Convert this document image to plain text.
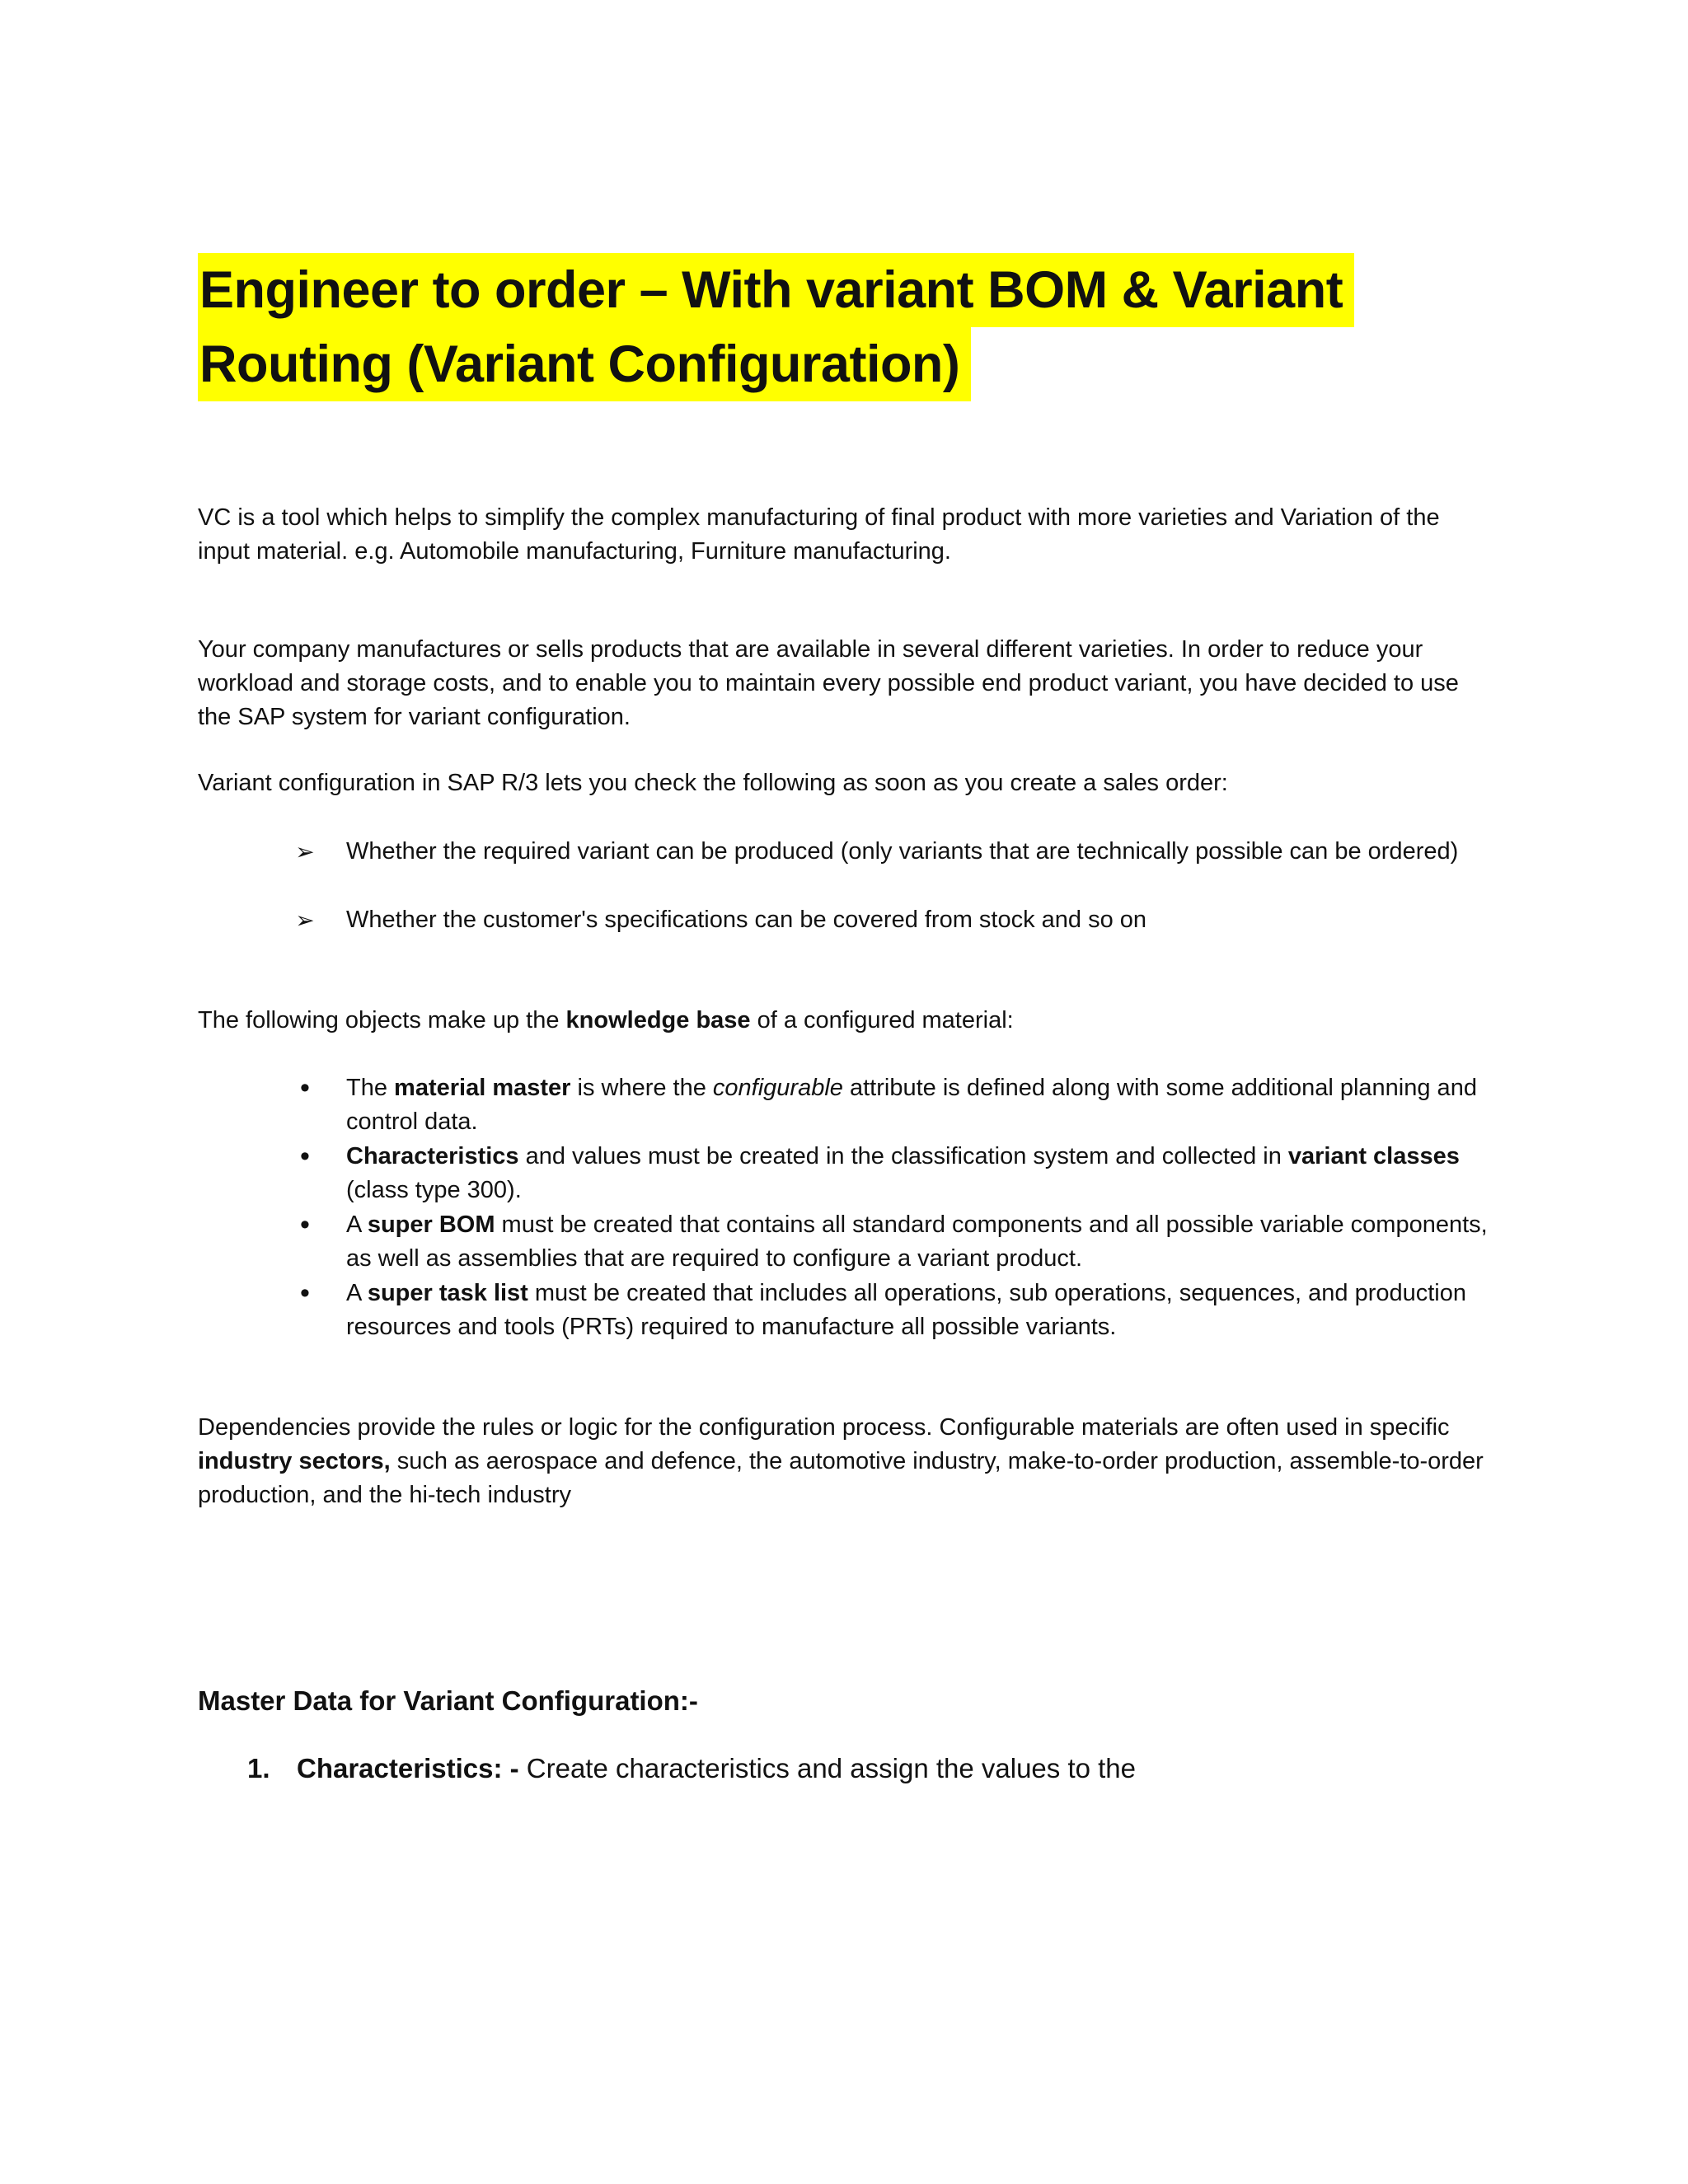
Engineer to order – With variant BOM & Variant
Routing (Variant Configuration)

VC is a tool which helps to simplify the complex manufacturing of final product with more varieties and Variation of the input material. e.g. Automobile manufacturing, Furniture manufacturing.

Your company manufactures or sells products that are available in several different varieties. In order to reduce your workload and storage costs, and to enable you to maintain every possible end product variant, you have decided to use the SAP system for variant configuration.

Variant configuration in SAP R/3 lets you check the following as soon as you create a sales order:

➢ Whether the required variant can be produced (only variants that are technically possible can be ordered)
➢ Whether the customer's specifications can be covered from stock and so on

The following objects make up the knowledge base of a configured material:

•	The material master is where the configurable attribute is defined along with some additional planning and control data.
•	Characteristics and values must be created in the classification system and collected in variant classes (class type 300).
•	A super BOM must be created that contains all standard components and all possible variable components, as well as assemblies that are required to configure a variant product.
•	A super task list must be created that includes all operations, sub operations, sequences, and production resources and tools (PRTs) required to manufacture all possible variants.

Dependencies provide the rules or logic for the configuration process. Configurable materials are often used in specific industry sectors, such as aerospace and defence, the automotive industry, make-to-order production, assemble-to-order production, and the hi-tech industry

Master Data for Variant Configuration:-
1. Characteristics: - Create characteristics and assign the values to the
